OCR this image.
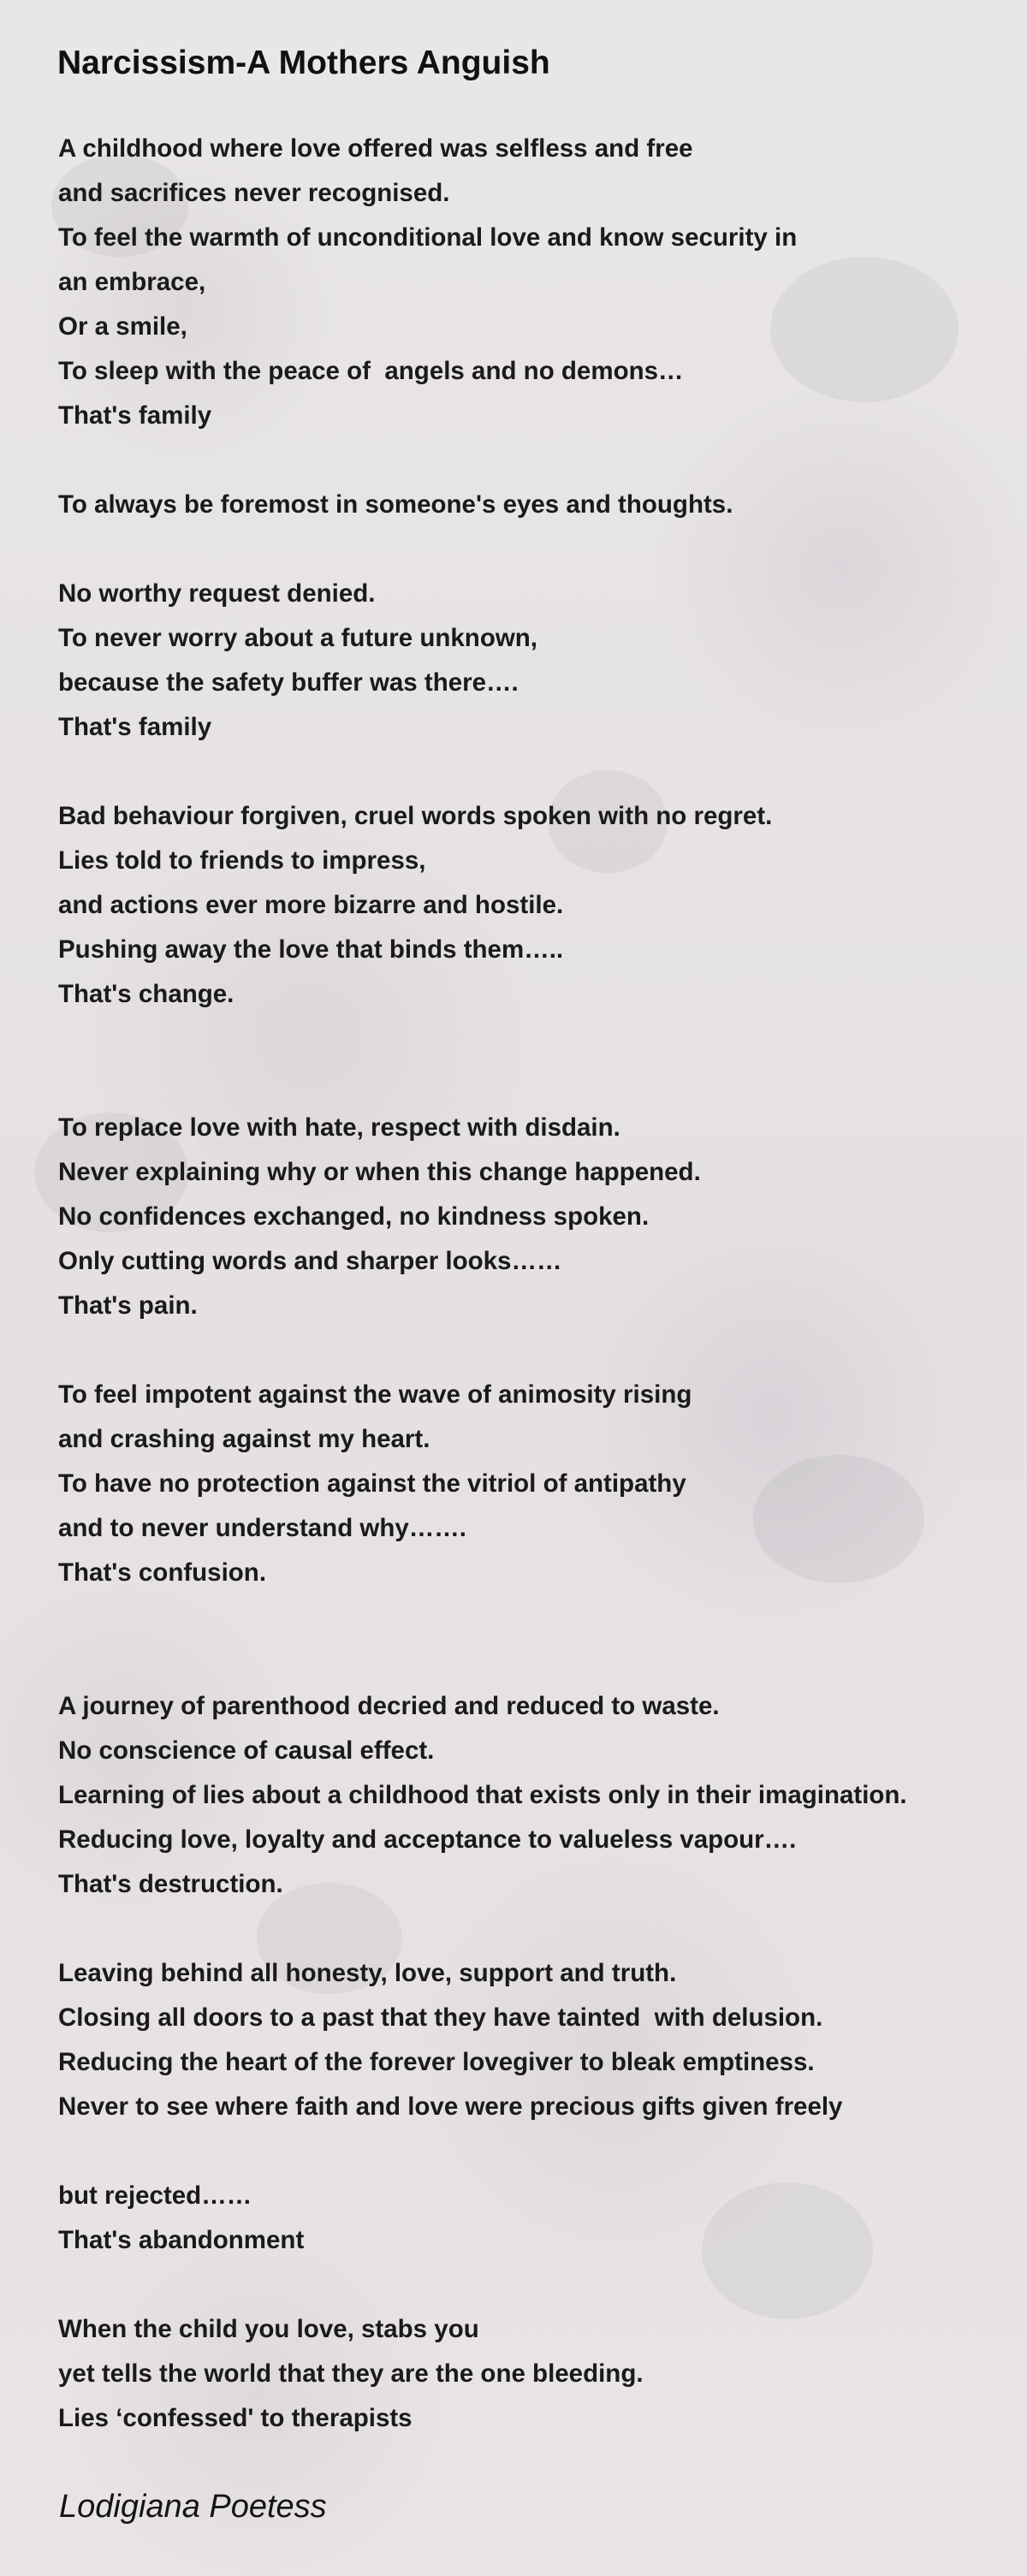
Narcissism-A Mothers Anguish
A childhood where love offered was selfless and free
and sacrifices never recognised.
To feel the warmth of unconditional love and know security in
an embrace,
Or a smile,
To sleep with the peace of  angels and no demons…
That's family
To always be foremost in someone's eyes and thoughts.
No worthy request denied.
To never worry about a future unknown,
because the safety buffer was there….
That's family
Bad behaviour forgiven, cruel words spoken with no regret.
Lies told to friends to impress,
and actions ever more bizarre and hostile.
Pushing away the love that binds them…..
That's change.
To replace love with hate, respect with disdain.
Never explaining why or when this change happened.
No confidences exchanged, no kindness spoken.
Only cutting words and sharper looks……
That's pain.
To feel impotent against the wave of animosity rising
and crashing against my heart.
To have no protection against the vitriol of antipathy
and to never understand why…….
That's confusion.
A journey of parenthood decried and reduced to waste.
No conscience of causal effect.
Learning of lies about a childhood that exists only in their imagination.
Reducing love, loyalty and acceptance to valueless vapour….
That's destruction.
Leaving behind all honesty, love, support and truth.
Closing all doors to a past that they have tainted  with delusion.
Reducing the heart of the forever lovegiver to bleak emptiness.
Never to see where faith and love were precious gifts given freely
but rejected……
That's abandonment
When the child you love, stabs you
yet tells the world that they are the one bleeding.
Lies ‘confessed' to therapists

Lodigiana Poetess
